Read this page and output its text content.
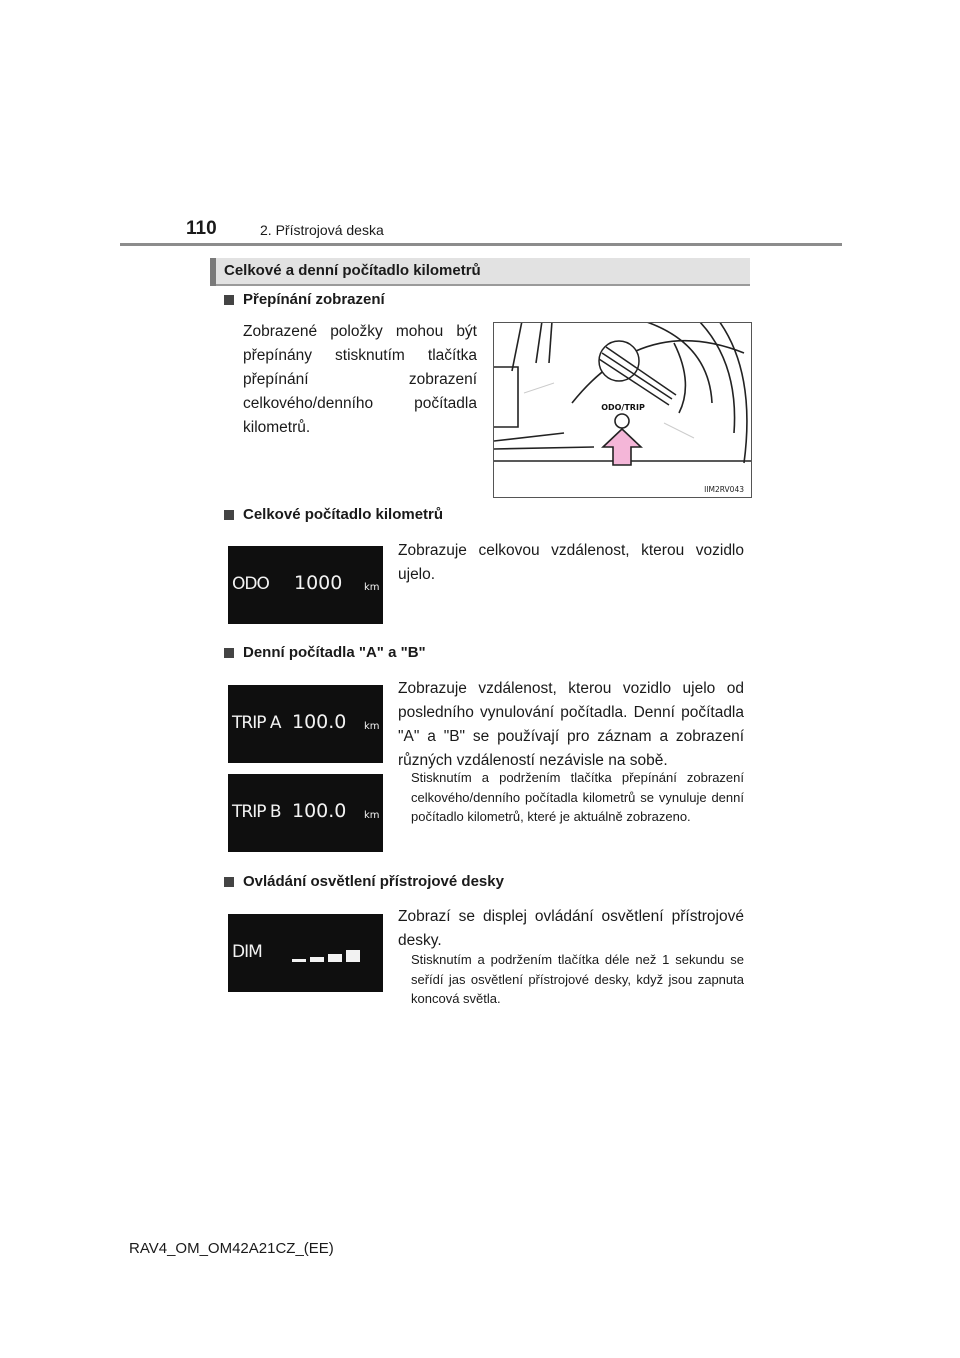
110	2. Přístrojová deska
Celkové a denní počítadlo kilometrů
Přepínání zobrazení
Zobrazené položky mohou být přepínány stisknutím tlačítka přepínání zobrazení celkového/denního počítadla kilometrů.
ODO/TRIP
IIM2RV043
Celkové počítadlo kilometrů
ODO 1000 km
Zobrazuje celkovou vzdálenost, kterou vozidlo ujelo.
Denní počítadla "A" a "B"
TRIP A 100.0 km
TRIP B 100.0 km
Zobrazuje vzdálenost, kterou vozidlo ujelo od posledního vynulování počítadla. Denní počítadla "A" a "B" se používají pro záznam a zobrazení různých vzdáleností nezávisle na sobě.
Stisknutím a podržením tlačítka přepínání zobrazení celkového/denního počítadla kilometrů se vynuluje denní počítadlo kilometrů, které je aktuálně zobrazeno.
Ovládání osvětlení přístrojové desky
DIM
Zobrazí se displej ovládání osvětlení přístrojové desky.
Stisknutím a podržením tlačítka déle než 1 sekundu se seřídí jas osvětlení přístrojové desky, když jsou zapnuta koncová světla.
RAV4_OM_OM42A21CZ_(EE)
